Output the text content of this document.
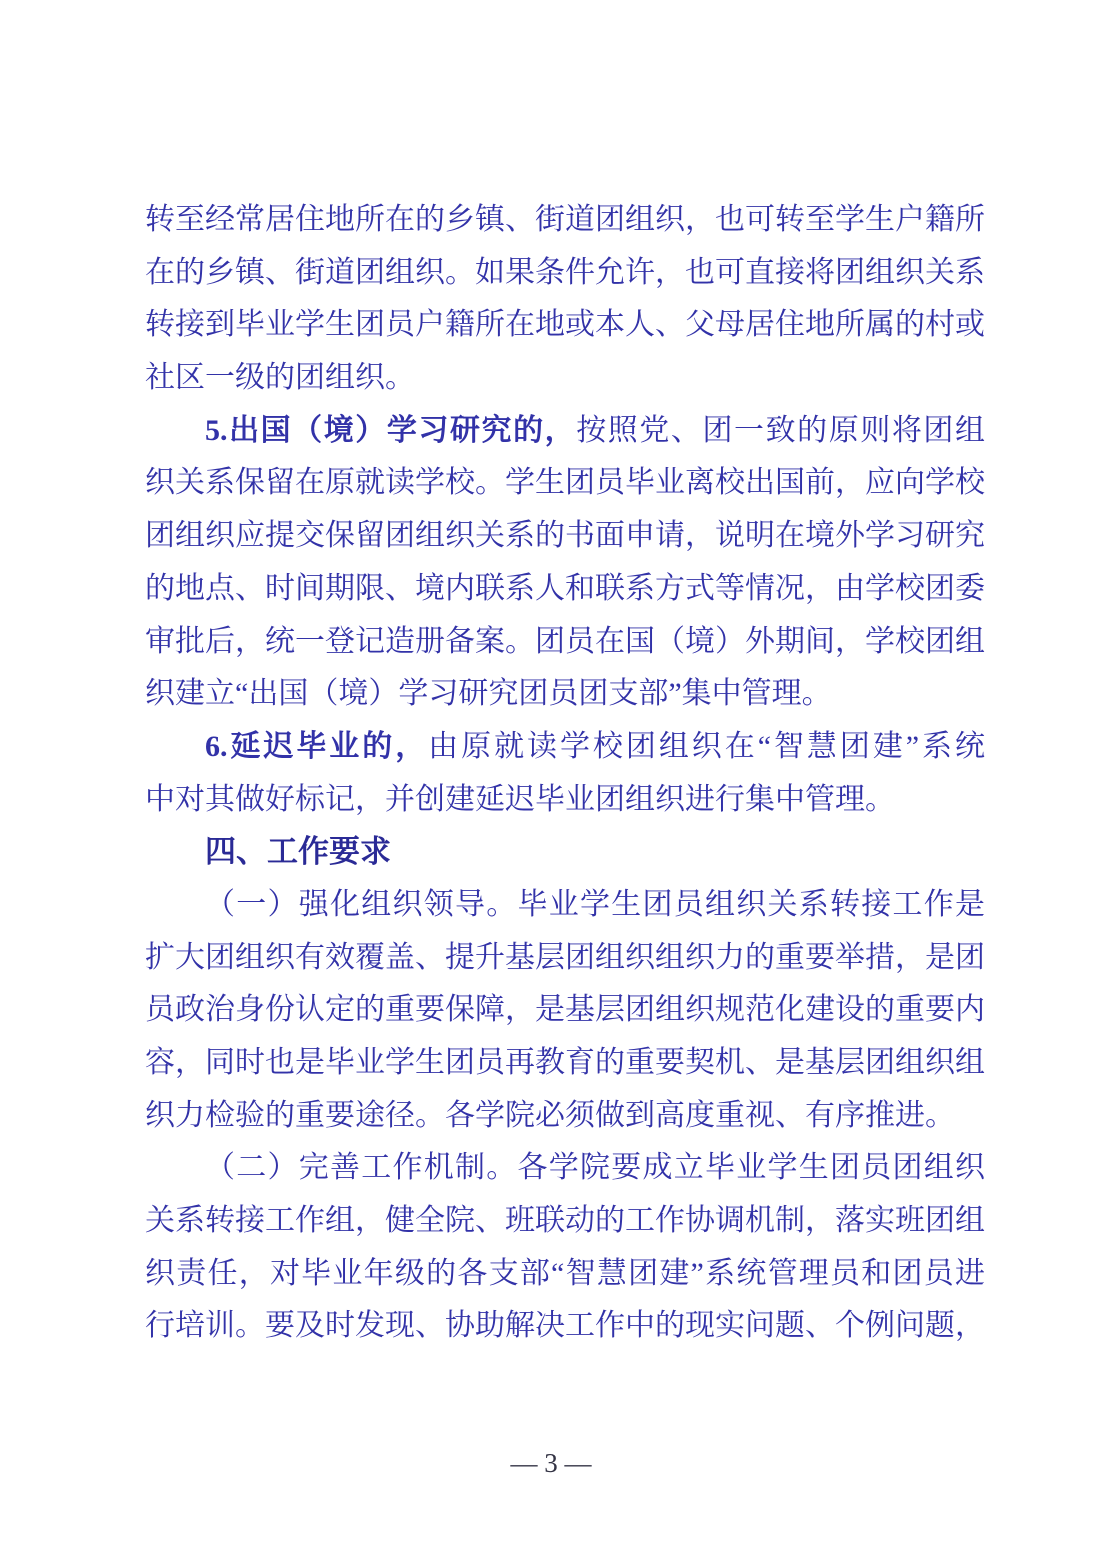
转至经常居住地所在的乡镇、街道团组织，也可转至学生户籍所
在的乡镇、街道团组织。如果条件允许，也可直接将团组织关系
转接到毕业学生团员户籍所在地或本人、父母居住地所属的村或
社区一级的团组织。
5.出国（境）学习研究的，按照党、团一致的原则将团组
织关系保留在原就读学校。学生团员毕业离校出国前，应向学校
团组织应提交保留团组织关系的书面申请，说明在境外学习研究
的地点、时间期限、境内联系人和联系方式等情况，由学校团委
审批后，统一登记造册备案。团员在国（境）外期间，学校团组
织建立“出国（境）学习研究团员团支部”集中管理。
6.延迟毕业的，由原就读学校团组织在“智慧团建”系统
中对其做好标记，并创建延迟毕业团组织进行集中管理。
四、工作要求
（一）强化组织领导。毕业学生团员组织关系转接工作是
扩大团组织有效覆盖、提升基层团组织组织力的重要举措，是团
员政治身份认定的重要保障，是基层团组织规范化建设的重要内
容，同时也是毕业学生团员再教育的重要契机、是基层团组织组
织力检验的重要途径。各学院必须做到高度重视、有序推进。
（二）完善工作机制。各学院要成立毕业学生团员团组织
关系转接工作组，健全院、班联动的工作协调机制，落实班团组
织责任，对毕业年级的各支部“智慧团建”系统管理员和团员进
行培训。要及时发现、协助解决工作中的现实问题、个例问题，
— 3 —
